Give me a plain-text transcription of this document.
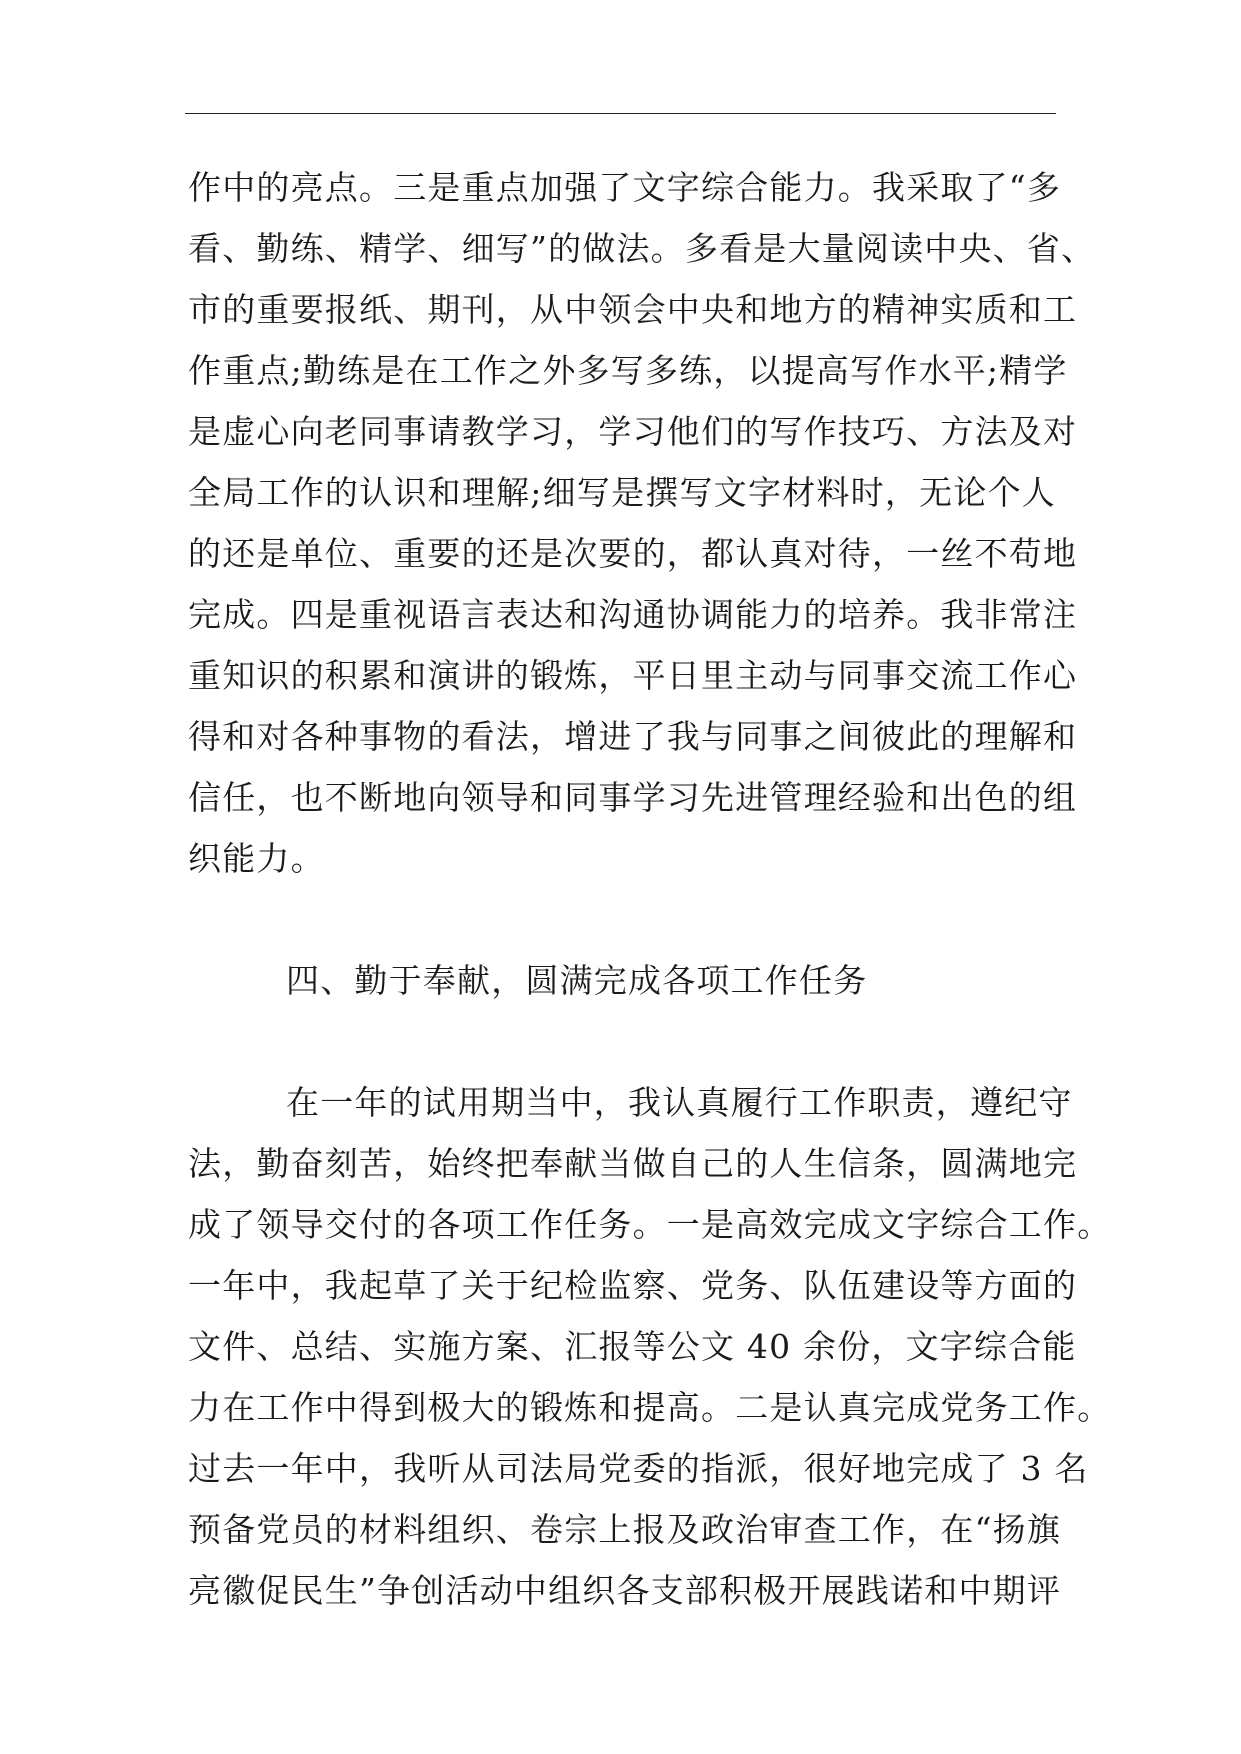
作中的亮点。三是重点加强了文字综合能力。我采取了“多
看、勤练、精学、细写”的做法。多看是大量阅读中央、省、
市的重要报纸、期刊，从中领会中央和地方的精神实质和工
作重点;勤练是在工作之外多写多练，以提高写作水平;精学
是虚心向老同事请教学习，学习他们的写作技巧、方法及对
全局工作的认识和理解;细写是撰写文字材料时，无论个人
的还是单位、重要的还是次要的，都认真对待，一丝不苟地
完成。四是重视语言表达和沟通协调能力的培养。我非常注
重知识的积累和演讲的锻炼，平日里主动与同事交流工作心
得和对各种事物的看法，增进了我与同事之间彼此的理解和
信任，也不断地向领导和同事学习先进管理经验和出色的组
织能力。
四、勤于奉献，圆满完成各项工作任务
在一年的试用期当中，我认真履行工作职责，遵纪守
法，勤奋刻苦，始终把奉献当做自己的人生信条，圆满地完
成了领导交付的各项工作任务。一是高效完成文字综合工作。
一年中，我起草了关于纪检监察、党务、队伍建设等方面的
文件、总结、实施方案、汇报等公文 40 余份，文字综合能
力在工作中得到极大的锻炼和提高。二是认真完成党务工作。
过去一年中，我听从司法局党委的指派，很好地完成了 3 名
预备党员的材料组织、卷宗上报及政治审查工作，在“扬旗
亮徽促民生”争创活动中组织各支部积极开展践诺和中期评
